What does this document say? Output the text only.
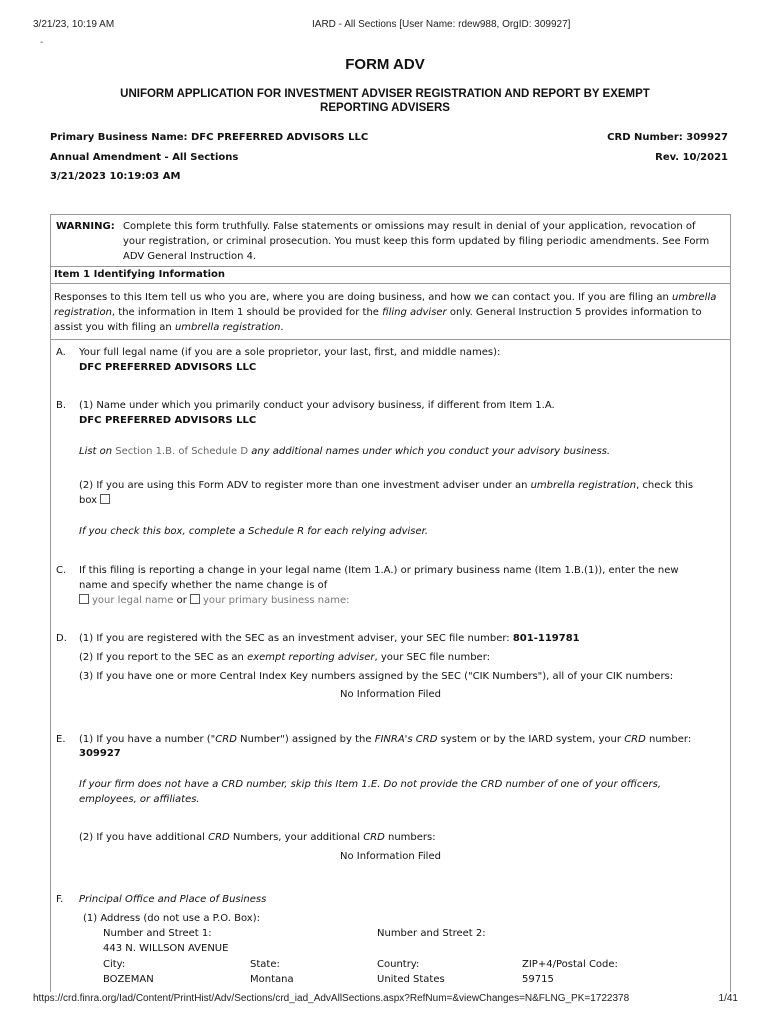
3/21/23, 10:19 AM	IARD - All Sections [User Name: rdew988, OrgID: 309927]
-
FORM ADV
UNIFORM APPLICATION FOR INVESTMENT ADVISER REGISTRATION AND REPORT BY EXEMPT
REPORTING ADVISERS
Primary Business Name: DFC PREFERRED ADVISORS LLC	CRD Number: 309927
Annual Amendment - All Sections	Rev. 10/2021
3/21/2023 10:19:03 AM
WARNING: Complete this form truthfully. False statements or omissions may result in denial of your application, revocation of
your registration, or criminal prosecution. You must keep this form updated by filing periodic amendments. See Form
ADV General Instruction 4.
Item 1 Identifying Information
Responses to this Item tell us who you are, where you are doing business, and how we can contact you. If you are filing an umbrella
registration, the information in Item 1 should be provided for the filing adviser only. General Instruction 5 provides information to
assist you with filing an umbrella registration.
A. Your full legal name (if you are a sole proprietor, your last, first, and middle names):
DFC PREFERRED ADVISORS LLC
B. (1) Name under which you primarily conduct your advisory business, if different from Item 1.A.
DFC PREFERRED ADVISORS LLC
List on Section 1.B. of Schedule D any additional names under which you conduct your advisory business.
(2) If you are using this Form ADV to register more than one investment adviser under an umbrella registration, check this
box
If you check this box, complete a Schedule R for each relying adviser.
C. If this filing is reporting a change in your legal name (Item 1.A.) or primary business name (Item 1.B.(1)), enter the new
name and specify whether the name change is of
your legal name or your primary business name:
D. (1) If you are registered with the SEC as an investment adviser, your SEC file number: 801-119781
(2) If you report to the SEC as an exempt reporting adviser, your SEC file number:
(3) If you have one or more Central Index Key numbers assigned by the SEC ("CIK Numbers"), all of your CIK numbers:
No Information Filed
E. (1) If you have a number ("CRD Number") assigned by the FINRA's CRD system or by the IARD system, your CRD number:
309927
If your firm does not have a CRD number, skip this Item 1.E. Do not provide the CRD number of one of your officers,
employees, or affiliates.
(2) If you have additional CRD Numbers, your additional CRD numbers:
No Information Filed
F. Principal Office and Place of Business
(1) Address (do not use a P.O. Box):
Number and Street 1:	Number and Street 2:
443 N. WILLSON AVENUE
City:	State:	Country:	ZIP+4/Postal Code:
BOZEMAN	Montana	United States	59715
https://crd.finra.org/Iad/Content/PrintHist/Adv/Sections/crd_iad_AdvAllSections.aspx?RefNum=&viewChanges=N&FLNG_PK=1722378	1/41
